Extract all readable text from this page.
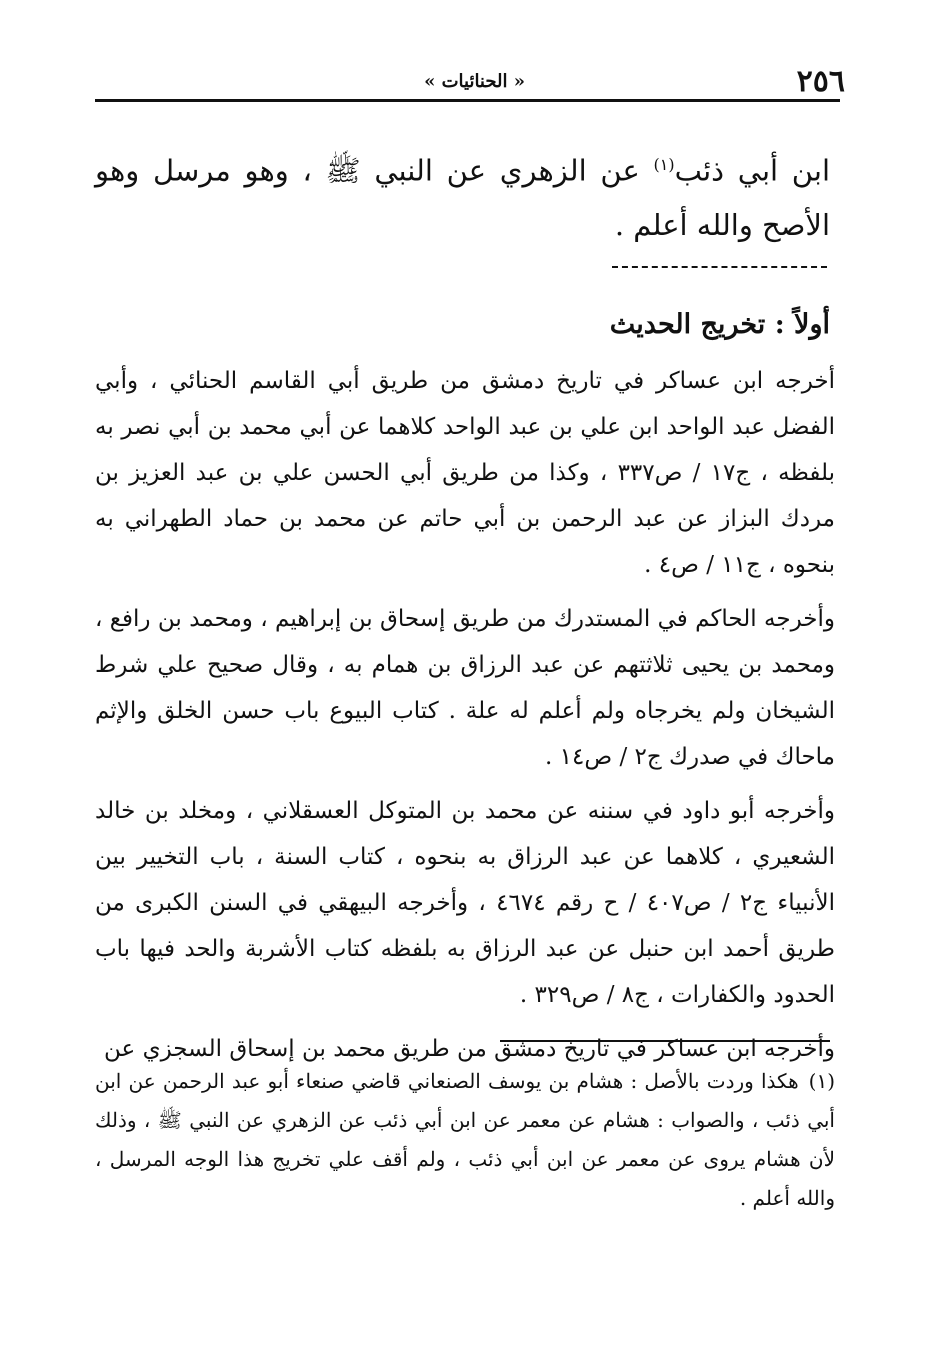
٢٥٦
« الحنائيات »
ابن أبي ذئب$^{(١)}$ عن الزهري عن النبي ﷺ ، وهو مرسل وهو الأصح والله أعلم .
أولاً : تخريج الحديث

أخرجه ابن عساكر في تاريخ دمشق من طريق أبي القاسم الحنائي ، وأبي الفضل عبد الواحد ابن علي بن عبد الواحد كلاهما عن أبي محمد بن أبي نصر به بلفظه ، ج١٧ / ص٣٣٧ ، وكذا من طريق أبي الحسن علي بن عبد العزيز بن مردك البزاز عن عبد الرحمن بن أبي حاتم عن محمد بن حماد الطهراني به بنحوه ، ج١١ / ص٤ .

وأخرجه الحاكم في المستدرك من طريق إسحاق بن إبراهيم ، ومحمد بن رافع ، ومحمد بن يحيى ثلاثتهم عن عبد الرزاق بن همام به ، وقال صحيح علي شرط الشيخان ولم يخرجاه ولم أعلم له علة . كتاب البيوع باب حسن الخلق والإثم ماحاك في صدرك ج٢ / ص١٤ .

وأخرجه أبو داود في سننه عن محمد بن المتوكل العسقلاني ، ومخلد بن خالد الشعيري ، كلاهما عن عبد الرزاق به بنحوه ، كتاب السنة ، باب التخيير بين الأنبياء ج٢ / ص٤٠٧ / ح رقم ٤٦٧٤ ، وأخرجه البيهقي في السنن الكبرى من طريق أحمد ابن حنبل عن عبد الرزاق به بلفظه كتاب الأشربة والحد فيها باب الحدود والكفارات ، ج٨ / ص٣٢٩ .

وأخرجه ابن عساكر في تاريخ دمشق من طريق محمد بن إسحاق السجزي عن

(١)هكذا وردت بالأصل : هشام بن يوسف الصنعاني قاضي صنعاء أبو عبد الرحمن عن ابن أبي ذئب ، والصواب : هشام عن معمر عن ابن أبي ذئب عن الزهري عن النبي ﷺ ، وذلك لأن هشام يروى عن معمر عن ابن أبي ذئب ، ولم أقف علي تخريج هذا الوجه المرسل ، والله أعلم .
